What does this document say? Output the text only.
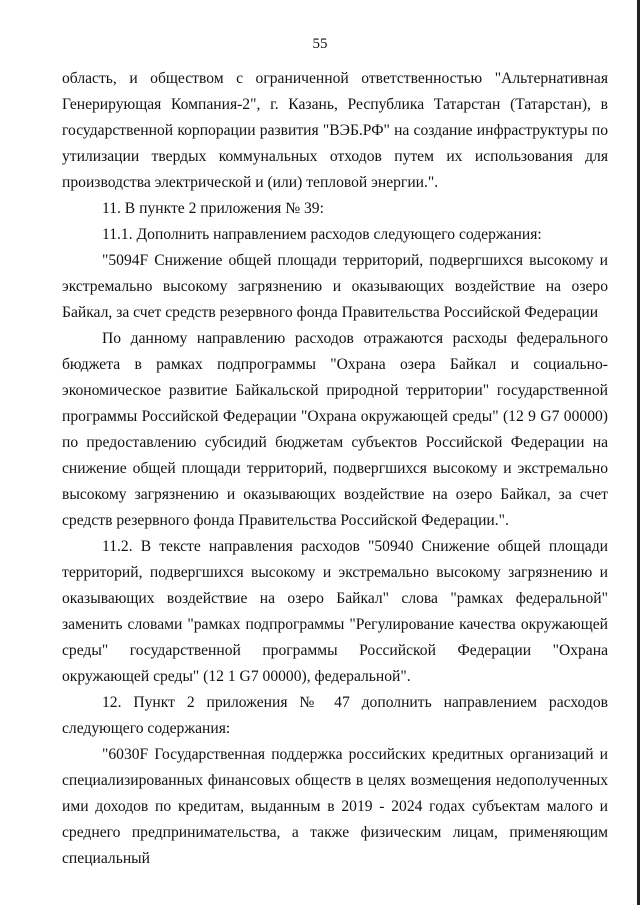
55

область, и обществом с ограниченной ответственностью "Альтернативная Генерирующая Компания-2", г. Казань, Республика Татарстан (Татарстан), в государственной корпорации развития "ВЭБ.РФ" на создание инфраструктуры по утилизации твердых коммунальных отходов путем их использования для производства электрической и (или) тепловой энергии.".

11. В пункте 2 приложения № 39:

11.1. Дополнить направлением расходов следующего содержания:

"5094F Снижение общей площади территорий, подвергшихся высокому и экстремально высокому загрязнению и оказывающих воздействие на озеро Байкал, за счет средств резервного фонда Правительства Российской Федерации

По данному направлению расходов отражаются расходы федерального бюджета в рамках подпрограммы "Охрана озера Байкал и социально-экономическое развитие Байкальской природной территории" государственной программы Российской Федерации "Охрана окружающей среды" (12 9 G7 00000) по предоставлению субсидий бюджетам субъектов Российской Федерации на снижение общей площади территорий, подвергшихся высокому и экстремально высокому загрязнению и оказывающих воздействие на озеро Байкал, за счет средств резервного фонда Правительства Российской Федерации.".

11.2. В тексте направления расходов "50940 Снижение общей площади территорий, подвергшихся высокому и экстремально высокому загрязнению и оказывающих воздействие на озеро Байкал" слова "рамках федеральной" заменить словами "рамках подпрограммы "Регулирование качества окружающей среды" государственной программы Российской Федерации "Охрана окружающей среды" (12 1 G7 00000), федеральной".

12. Пункт 2 приложения № 47 дополнить направлением расходов следующего содержания:

"6030F Государственная поддержка российских кредитных организаций и специализированных финансовых обществ в целях возмещения недополученных ими доходов по кредитам, выданным в 2019 - 2024 годах субъектам малого и среднего предпринимательства, а также физическим лицам, применяющим специальный
